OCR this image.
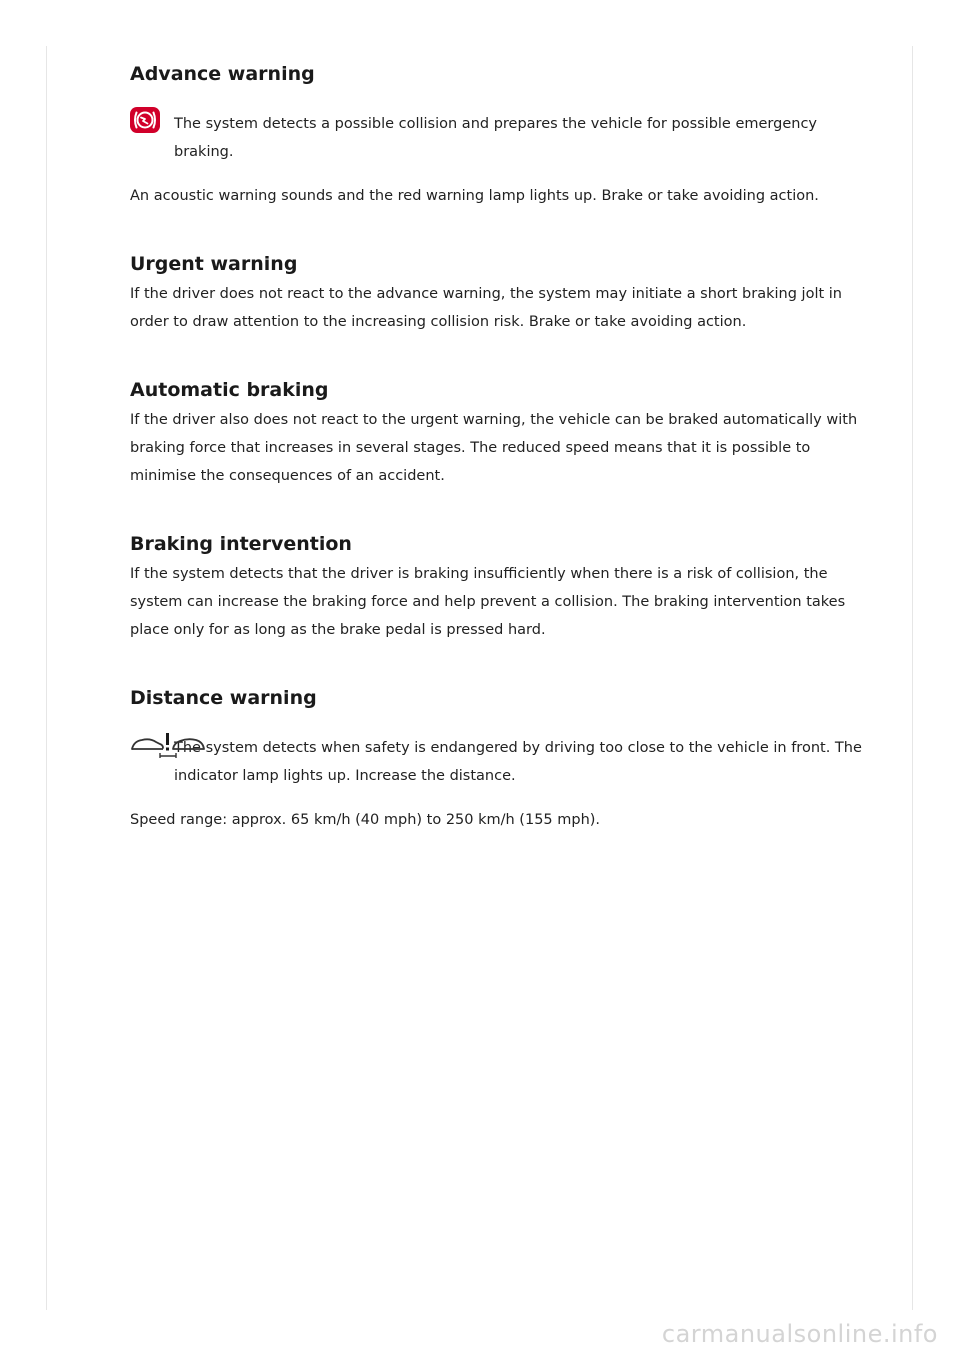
Advance warning

The system detects a possible collision and prepares the vehicle for possible emergency braking.

An acoustic warning sounds and the red warning lamp lights up. Brake or take avoiding action.

Urgent warning

If the driver does not react to the advance warning, the system may initiate a short braking jolt in order to draw attention to the increasing collision risk. Brake or take avoiding action.

Automatic braking

If the driver also does not react to the urgent warning, the vehicle can be braked automatically with braking force that increases in several stages. The reduced speed means that it is possible to minimise the consequences of an accident.

Braking intervention

If the system detects that the driver is braking insufficiently when there is a risk of collision, the system can increase the braking force and help prevent a collision. The braking intervention takes place only for as long as the brake pedal is pressed hard.

Distance warning

The system detects when safety is endangered by driving too close to the vehicle in front. The indicator lamp lights up. Increase the distance.

Speed range: approx. 65 km/h (40 mph) to 250 km/h (155 mph).

carmanualsonline.info
